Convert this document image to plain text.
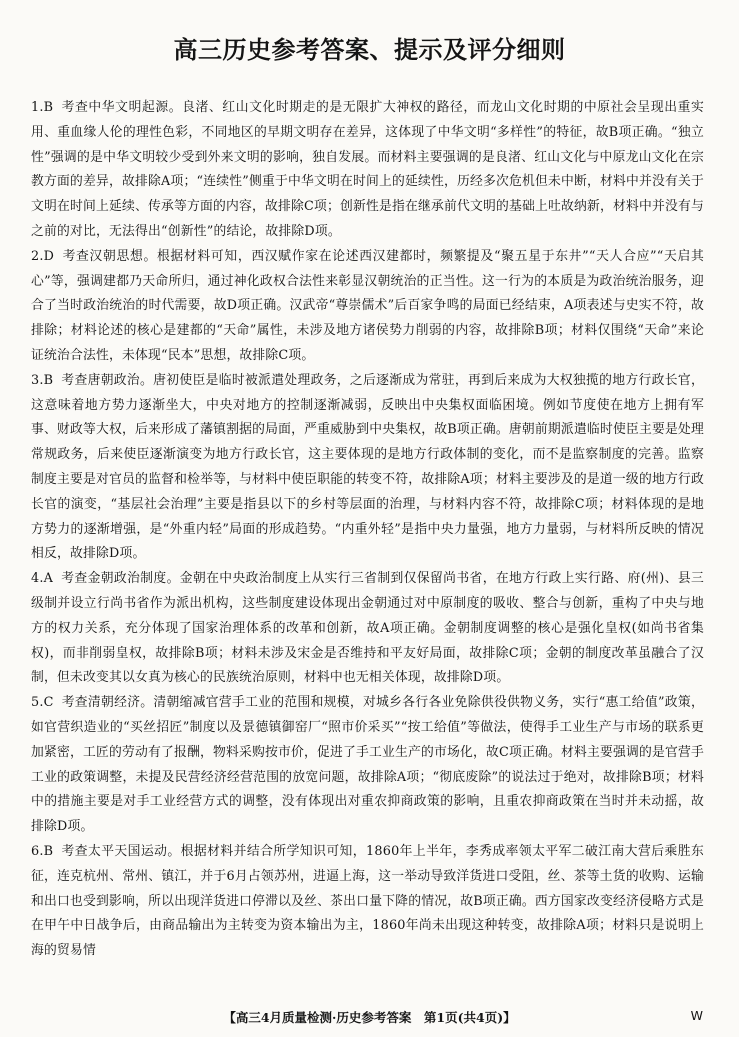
高三历史参考答案、提示及评分细则

1.B 考查中华文明起源。良渚、红山文化时期走的是无限扩大神权的路径，而龙山文化时期的中原社会呈现出重实用、重血缘人伦的理性色彩，不同地区的早期文明存在差异，这体现了中华文明“多样性”的特征，故B项正确。“独立性”强调的是中华文明较少受到外来文明的影响，独自发展。而材料主要强调的是良渚、红山文化与中原龙山文化在宗教方面的差异，故排除A项；“连续性”侧重于中华文明在时间上的延续性，历经多次危机但未中断，材料中并没有关于文明在时间上延续、传承等方面的内容，故排除C项；创新性是指在继承前代文明的基础上吐故纳新，材料中并没有与之前的对比，无法得出“创新性”的结论，故排除D项。

2.D 考查汉朝思想。根据材料可知，西汉赋作家在论述西汉建都时，频繁提及“聚五星于东井”“天人合应”“天启其心”等，强调建都乃天命所归，通过神化政权合法性来彰显汉朝统治的正当性。这一行为的本质是为政治统治服务，迎合了当时政治统治的时代需要，故D项正确。汉武帝“尊崇儒术”后百家争鸣的局面已经结束，A项表述与史实不符，故排除；材料论述的核心是建都的“天命”属性，未涉及地方诸侯势力削弱的内容，故排除B项；材料仅围绕“天命”来论证统治合法性，未体现“民本”思想，故排除C项。

3.B 考查唐朝政治。唐初使臣是临时被派遣处理政务，之后逐渐成为常驻，再到后来成为大权独揽的地方行政长官，这意味着地方势力逐渐坐大，中央对地方的控制逐渐减弱，反映出中央集权面临困境。例如节度使在地方上拥有军事、财政等大权，后来形成了藩镇割据的局面，严重威胁到中央集权，故B项正确。唐朝前期派遣临时使臣主要是处理常规政务，后来使臣逐渐演变为地方行政长官，这主要体现的是地方行政体制的变化，而不是监察制度的完善。监察制度主要是对官员的监督和检举等，与材料中使臣职能的转变不符，故排除A项；材料主要涉及的是道一级的地方行政长官的演变，“基层社会治理”主要是指县以下的乡村等层面的治理，与材料内容不符，故排除C项；材料体现的是地方势力的逐渐增强，是“外重内轻”局面的形成趋势。“内重外轻”是指中央力量强，地方力量弱，与材料所反映的情况相反，故排除D项。

4.A 考查金朝政治制度。金朝在中央政治制度上从实行三省制到仅保留尚书省，在地方行政上实行路、府(州)、县三级制并设立行尚书省作为派出机构，这些制度建设体现出金朝通过对中原制度的吸收、整合与创新，重构了中央与地方的权力关系，充分体现了国家治理体系的改革和创新，故A项正确。金朝制度调整的核心是强化皇权(如尚书省集权)，而非削弱皇权，故排除B项；材料未涉及宋金是否维持和平友好局面，故排除C项；金朝的制度改革虽融合了汉制，但未改变其以女真为核心的民族统治原则，材料中也无相关体现，故排除D项。

5.C 考查清朝经济。清朝缩减官营手工业的范围和规模，对城乡各行各业免除供役供物义务，实行“惠工给值”政策，如官营织造业的“买丝招匠”制度以及景德镇御窑厂“照市价采买”“按工给值”等做法，使得手工业生产与市场的联系更加紧密，工匠的劳动有了报酬，物料采购按市价，促进了手工业生产的市场化，故C项正确。材料主要强调的是官营手工业的政策调整，未提及民营经济经营范围的放宽问题，故排除A项；“彻底废除”的说法过于绝对，故排除B项；材料中的措施主要是对手工业经营方式的调整，没有体现出对重农抑商政策的影响，且重农抑商政策在当时并未动摇，故排除D项。

6.B 考查太平天国运动。根据材料并结合所学知识可知，1860年上半年，李秀成率领太平军二破江南大营后乘胜东征，连克杭州、常州、镇江，并于6月占领苏州，进逼上海，这一举动导致洋货进口受阻，丝、茶等土货的收购、运输和出口也受到影响，所以出现洋货进口停滞以及丝、茶出口量下降的情况，故B项正确。西方国家改变经济侵略方式是在甲午中日战争后，由商品输出为主转变为资本输出为主，1860年尚未出现这种转变，故排除A项；材料只是说明上海的贸易情

【高三4月质量检测·历史参考答案　第1页(共4页)】	W
